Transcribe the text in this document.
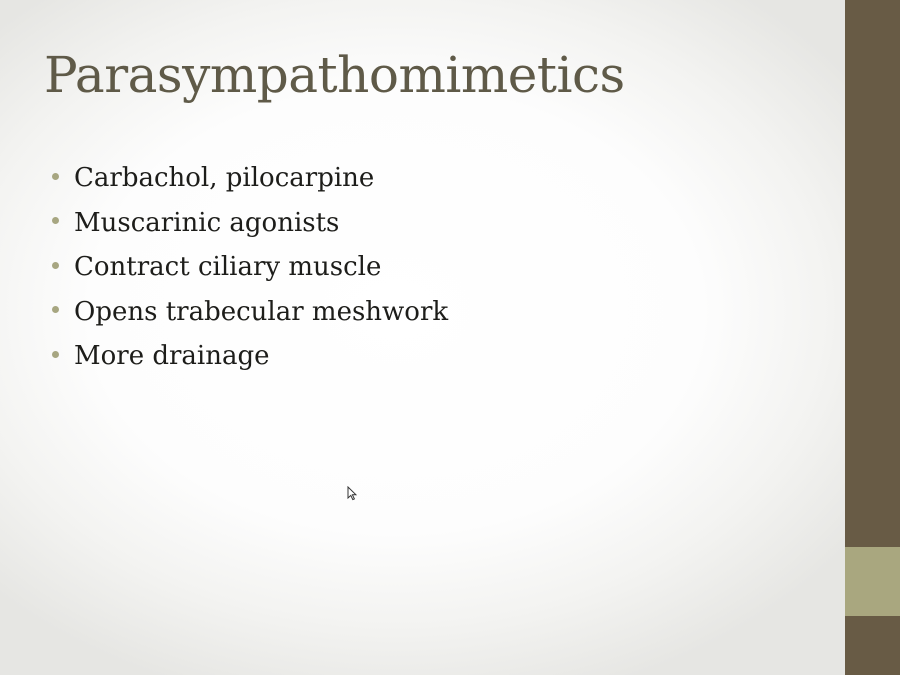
Parasympathomimetics
Carbachol, pilocarpine
Muscarinic agonists
Contract ciliary muscle
Opens trabecular meshwork
More drainage
